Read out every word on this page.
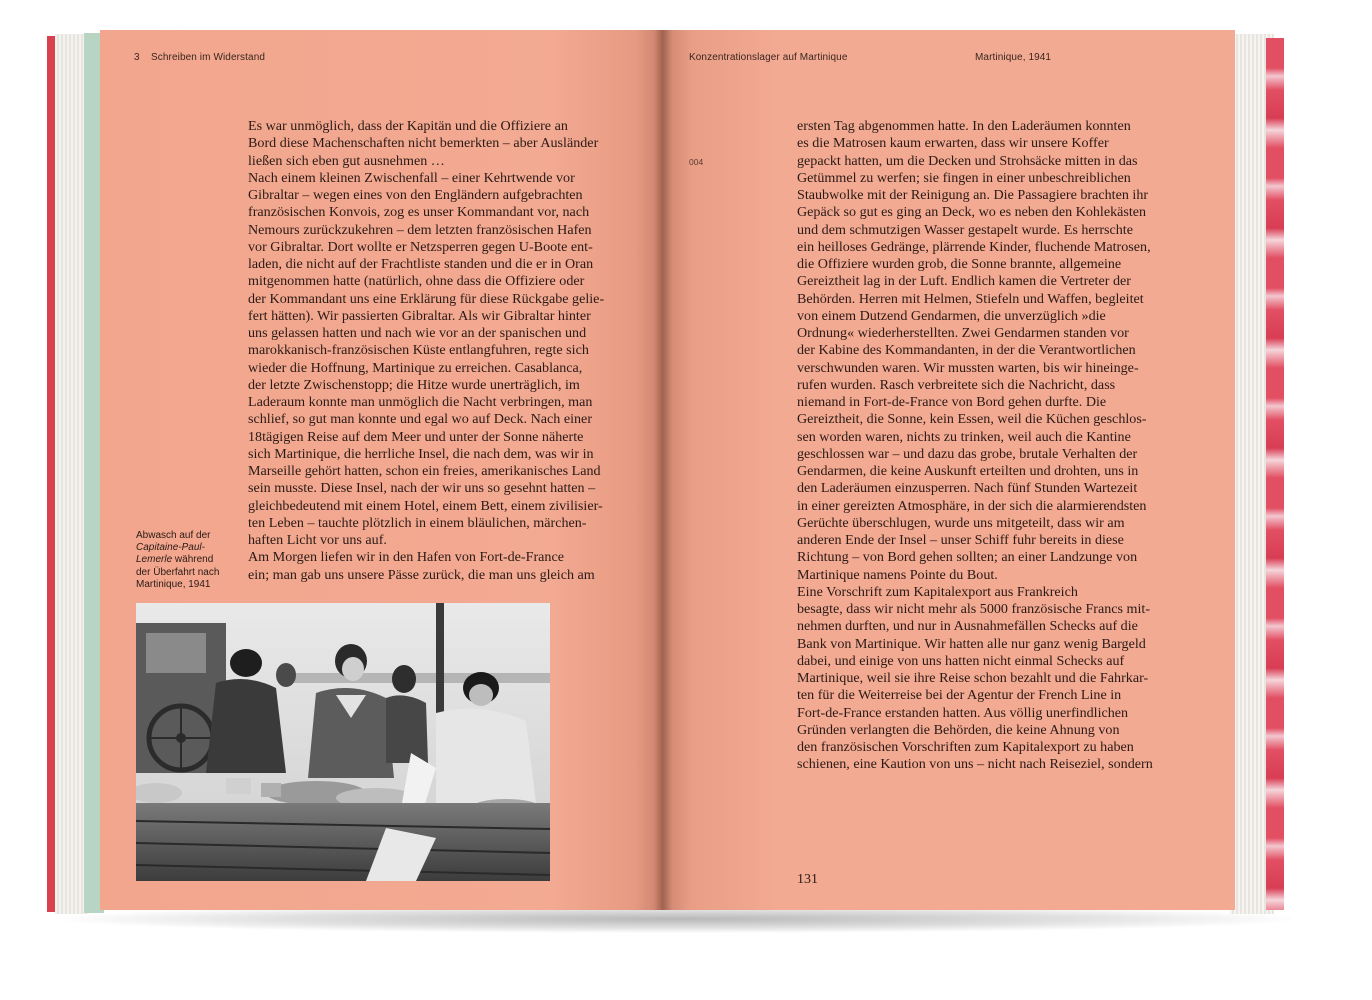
3 Schreiben im Widerstand	Konzentrationslager auf Martinique	Martinique, 1941
Es war unmöglich, dass der Kapitän und die Offiziere an
Bord diese Machenschaften nicht bemerkten – aber Ausländer
ließen sich eben gut ausnehmen …
Nach einem kleinen Zwischenfall – einer Kehrtwende vor
Gibraltar – wegen eines von den Engländern aufgebrachten
französischen Konvois, zog es unser Kommandant vor, nach
Nemours zurückzukehren – dem letzten französischen Hafen
vor Gibraltar. Dort wollte er Netzsperren gegen U-Boote ent-
laden, die nicht auf der Frachtliste standen und die er in Oran
mitgenommen hatte (natürlich, ohne dass die Offiziere oder
der Kommandant uns eine Erklärung für diese Rückgabe gelie-
fert hätten). Wir passierten Gibraltar. Als wir Gibraltar hinter
uns gelassen hatten und nach wie vor an der spanischen und
marokkanisch-französischen Küste entlangfuhren, regte sich
wieder die Hoffnung, Martinique zu erreichen. Casablanca,
der letzte Zwischenstopp; die Hitze wurde unerträglich, im
Laderaum konnte man unmöglich die Nacht verbringen, man
schlief, so gut man konnte und egal wo auf Deck. Nach einer
18tägigen Reise auf dem Meer und unter der Sonne näherte
sich Martinique, die herrliche Insel, die nach dem, was wir in
Marseille gehört hatten, schon ein freies, amerikanisches Land
sein musste. Diese Insel, nach der wir uns so gesehnt hatten –
gleichbedeutend mit einem Hotel, einem Bett, einem zivilisier-
ten Leben – tauchte plötzlich in einem bläulichen, märchen-
haften Licht vor uns auf.
Am Morgen liefen wir in den Hafen von Fort-de-France
ein; man gab uns unsere Pässe zurück, die man uns gleich am
ersten Tag abgenommen hatte. In den Laderäumen konnten
es die Matrosen kaum erwarten, dass wir unsere Koffer
gepackt hatten, um die Decken und Strohsäcke mitten in das
Getümmel zu werfen; sie fingen in einer unbeschreiblichen
Staubwolke mit der Reinigung an. Die Passagiere brachten ihr
Gepäck so gut es ging an Deck, wo es neben den Kohlekästen
und dem schmutzigen Wasser gestapelt wurde. Es herrschte
ein heilloses Gedränge, plärrende Kinder, fluchende Matrosen,
die Offiziere wurden grob, die Sonne brannte, allgemeine
Gereiztheit lag in der Luft. Endlich kamen die Vertreter der
Behörden. Herren mit Helmen, Stiefeln und Waffen, begleitet
von einem Dutzend Gendarmen, die unverzüglich »die
Ordnung« wiederherstellten. Zwei Gendarmen standen vor
der Kabine des Kommandanten, in der die Verantwortlichen
verschwunden waren. Wir mussten warten, bis wir hineinge-
rufen wurden. Rasch verbreitete sich die Nachricht, dass
niemand in Fort-de-France von Bord gehen durfte. Die
Gereiztheit, die Sonne, kein Essen, weil die Küchen geschlos-
sen worden waren, nichts zu trinken, weil auch die Kantine
geschlossen war – und dazu das grobe, brutale Verhalten der
Gendarmen, die keine Auskunft erteilten und drohten, uns in
den Laderäumen einzusperren. Nach fünf Stunden Wartezeit
in einer gereizten Atmosphäre, in der sich die alarmierendsten
Gerüchte überschlugen, wurde uns mitgeteilt, dass wir am
anderen Ende der Insel – unser Schiff fuhr bereits in diese
Richtung – von Bord gehen sollten; an einer Landzunge von
Martinique namens Pointe du Bout.
Eine Vorschrift zum Kapitalexport aus Frankreich
besagte, dass wir nicht mehr als 5000 französische Francs mit-
nehmen durften, und nur in Ausnahmefällen Schecks auf die
Bank von Martinique. Wir hatten alle nur ganz wenig Bargeld
dabei, und einige von uns hatten nicht einmal Schecks auf
Martinique, weil sie ihre Reise schon bezahlt und die Fahrkar-
ten für die Weiterreise bei der Agentur der French Line in
Fort-de-France erstanden hatten. Aus völlig unerfindlichen
Gründen verlangten die Behörden, die keine Ahnung von
den französischen Vorschriften zum Kapitalexport zu haben
schienen, eine Kaution von uns – nicht nach Reiseziel, sondern
004
Abwasch auf der
Capitaine-Paul-
Lemerle während
der Überfahrt nach
Martinique, 1941
131
